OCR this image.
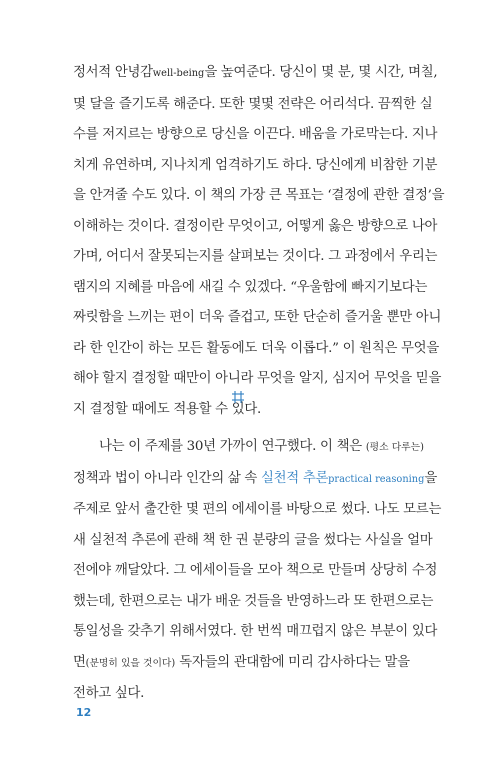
정서적 안녕감well-being을 높여준다. 당신이 몇 분, 몇 시간, 며칠,
몇 달을 즐기도록 해준다. 또한 몇몇 전략은 어리석다. 끔찍한 실
수를 저지르는 방향으로 당신을 이끈다. 배움을 가로막는다. 지나
치게 유연하며, 지나치게 엄격하기도 하다. 당신에게 비참한 기분
을 안겨줄 수도 있다. 이 책의 가장 큰 목표는 ‘결정에 관한 결정’을
이해하는 것이다. 결정이란 무엇이고, 어떻게 옳은 방향으로 나아
가며, 어디서 잘못되는지를 살펴보는 것이다. 그 과정에서 우리는
램지의 지혜를 마음에 새길 수 있겠다. “우울함에 빠지기보다는
짜릿함을 느끼는 편이 더욱 즐겁고, 또한 단순히 즐거울 뿐만 아니
라 한 인간이 하는 모든 활동에도 더욱 이롭다.” 이 원칙은 무엇을
해야 할지 결정할 때만이 아니라 무엇을 알지, 심지어 무엇을 믿을
지 결정할 때에도 적용할 수 있다.
나는 이 주제를 30년 가까이 연구했다. 이 책은 (평소 다루는)
정책과 법이 아니라 인간의 삶 속 실천적 추론practical reasoning을
주제로 앞서 출간한 몇 편의 에세이를 바탕으로 썼다. 나도 모르는
새 실천적 추론에 관해 책 한 권 분량의 글을 썼다는 사실을 얼마
전에야 깨달았다. 그 에세이들을 모아 책으로 만들며 상당히 수정
했는데, 한편으로는 내가 배운 것들을 반영하느라 또 한편으로는
통일성을 갖추기 위해서였다. 한 번씩 매끄럽지 않은 부분이 있다
면(분명히 있을 것이다) 독자들의 관대함에 미리 감사하다는 말을
전하고 싶다.
12
